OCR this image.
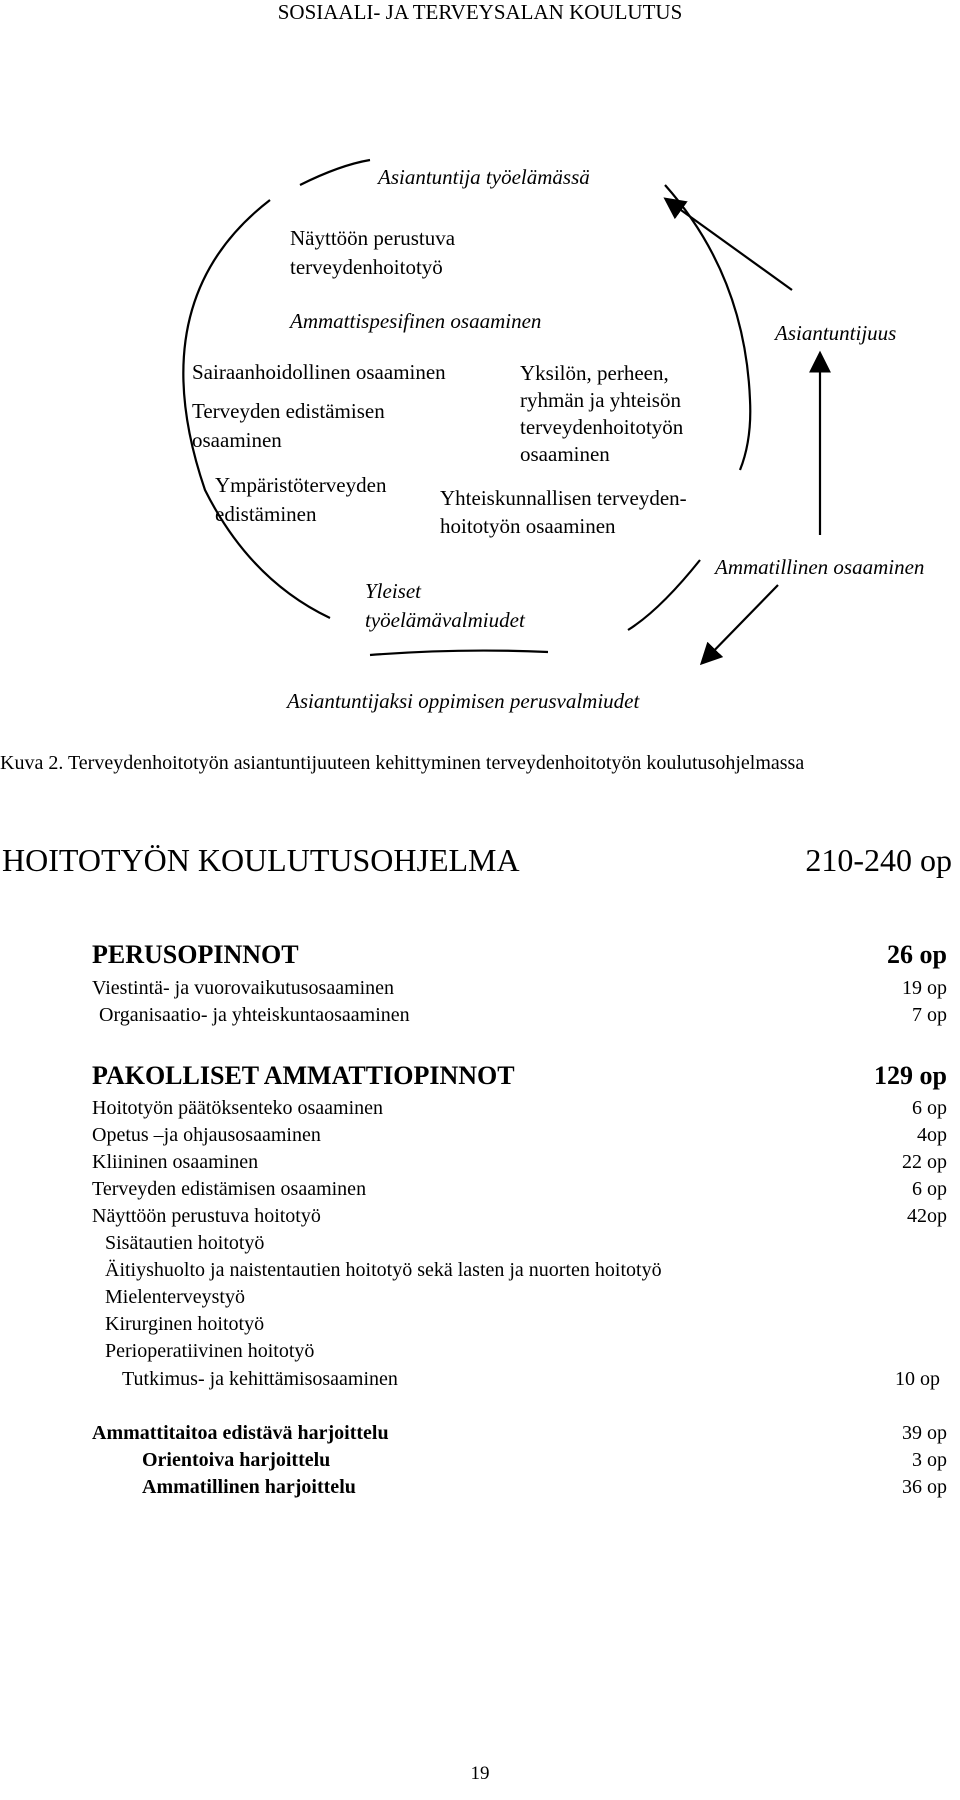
SOSIAALI- JA TERVEYSALAN KOULUTUS
Asiantuntija työelämässä
Näyttöön perustuva
terveydenhoitotyö
Ammattispesifinen osaaminen
Sairaanhoidollinen osaaminen
Terveyden edistämisen
osaaminen
Ympäristöterveyden
edistäminen
Yksilön, perheen,
ryhmän ja yhteisön
terveydenhoitotyön
osaaminen
Yhteiskunnallisen terveyden-
hoitotyön osaaminen
Yleiset
työelämävalmiudet
Asiantuntijuus
Ammatillinen osaaminen
Asiantuntijaksi oppimisen perusvalmiudet
Kuva 2. Terveydenhoitotyön asiantuntijuuteen kehittyminen terveydenhoitotyön koulutusohjelmassa
HOITOTYÖN KOULUTUSOHJELMA	210-240 op
PERUSOPINNOT	26 op
Viestintä- ja vuorovaikutusosaaminen	19 op
Organisaatio- ja yhteiskuntaosaaminen	7 op
PAKOLLISET AMMATTIOPINNOT	129 op
Hoitotyön päätöksenteko osaaminen	6 op
Opetus –ja ohjausosaaminen	4op
Kliininen osaaminen	22 op
Terveyden edistämisen osaaminen	6 op
Näyttöön perustuva hoitotyö	42op
Sisätautien hoitotyö
Äitiyshuolto ja naistentautien hoitotyö sekä lasten ja nuorten hoitotyö
Mielenterveystyö
Kirurginen hoitotyö
Perioperatiivinen hoitotyö
Tutkimus- ja kehittämisosaaminen	10 op
Ammattitaitoa edistävä harjoittelu	39 op
Orientoiva harjoittelu	3 op
Ammatillinen harjoittelu	36 op
19
